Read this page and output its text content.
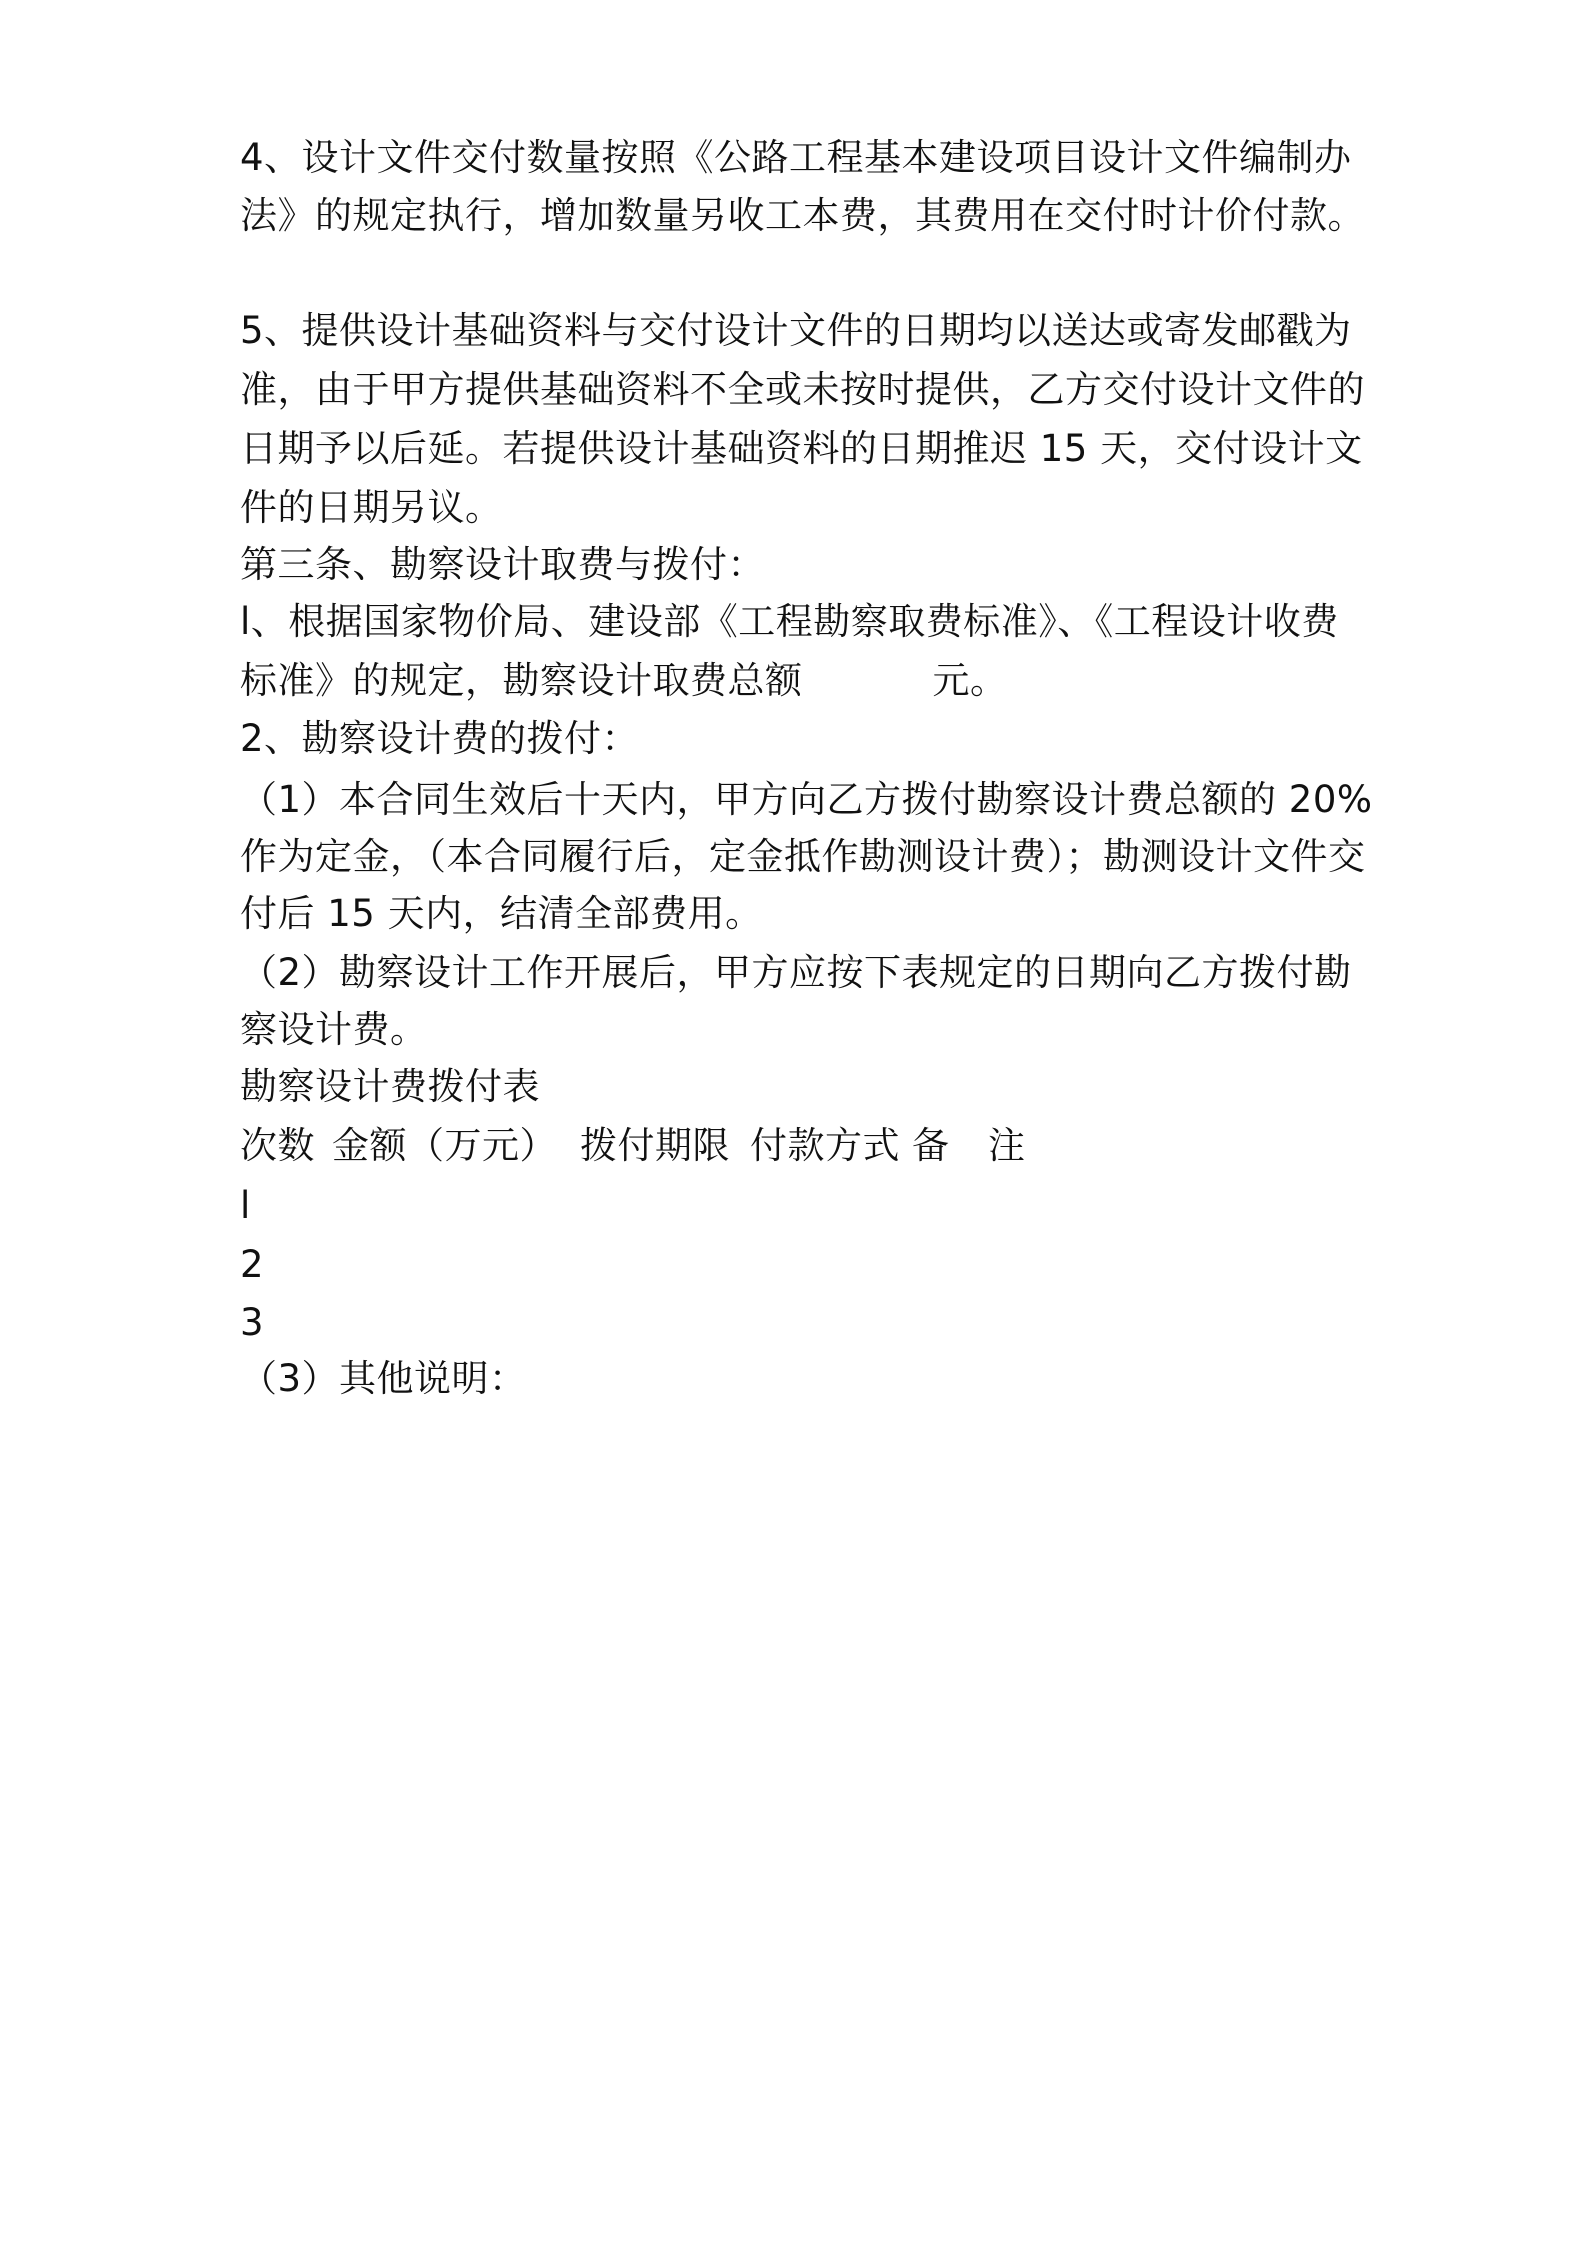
4、设计文件交付数量按照《公路工程基本建设项目设计文件编制办
法》的规定执行，增加数量另收工本费，其费用在交付时计价付款。
5、提供设计基础资料与交付设计文件的日期均以送达或寄发邮戳为
准，由于甲方提供基础资料不全或未按时提供，乙方交付设计文件的
日期予以后延。若提供设计基础资料的日期推迟 15 天，交付设计文
件的日期另议。
第三条、勘察设计取费与拨付：
l、根据国家物价局、建设部《工程勘察取费标准》、《工程设计收费
标准》的规定，勘察设计取费总额	元。
2、勘察设计费的拨付：
（1）本合同生效后十天内，甲方向乙方拨付勘察设计费总额的 20%
作为定金，（本合同履行后，定金抵作勘测设计费）；勘测设计文件交
付后 15 天内，结清全部费用。
（2）勘察设计工作开展后，甲方应按下表规定的日期向乙方拨付勘
察设计费。
勘察设计费拨付表
次数 金额（万元） 拨付期限 付款方式 备 注
l
2
3
（3）其他说明：
